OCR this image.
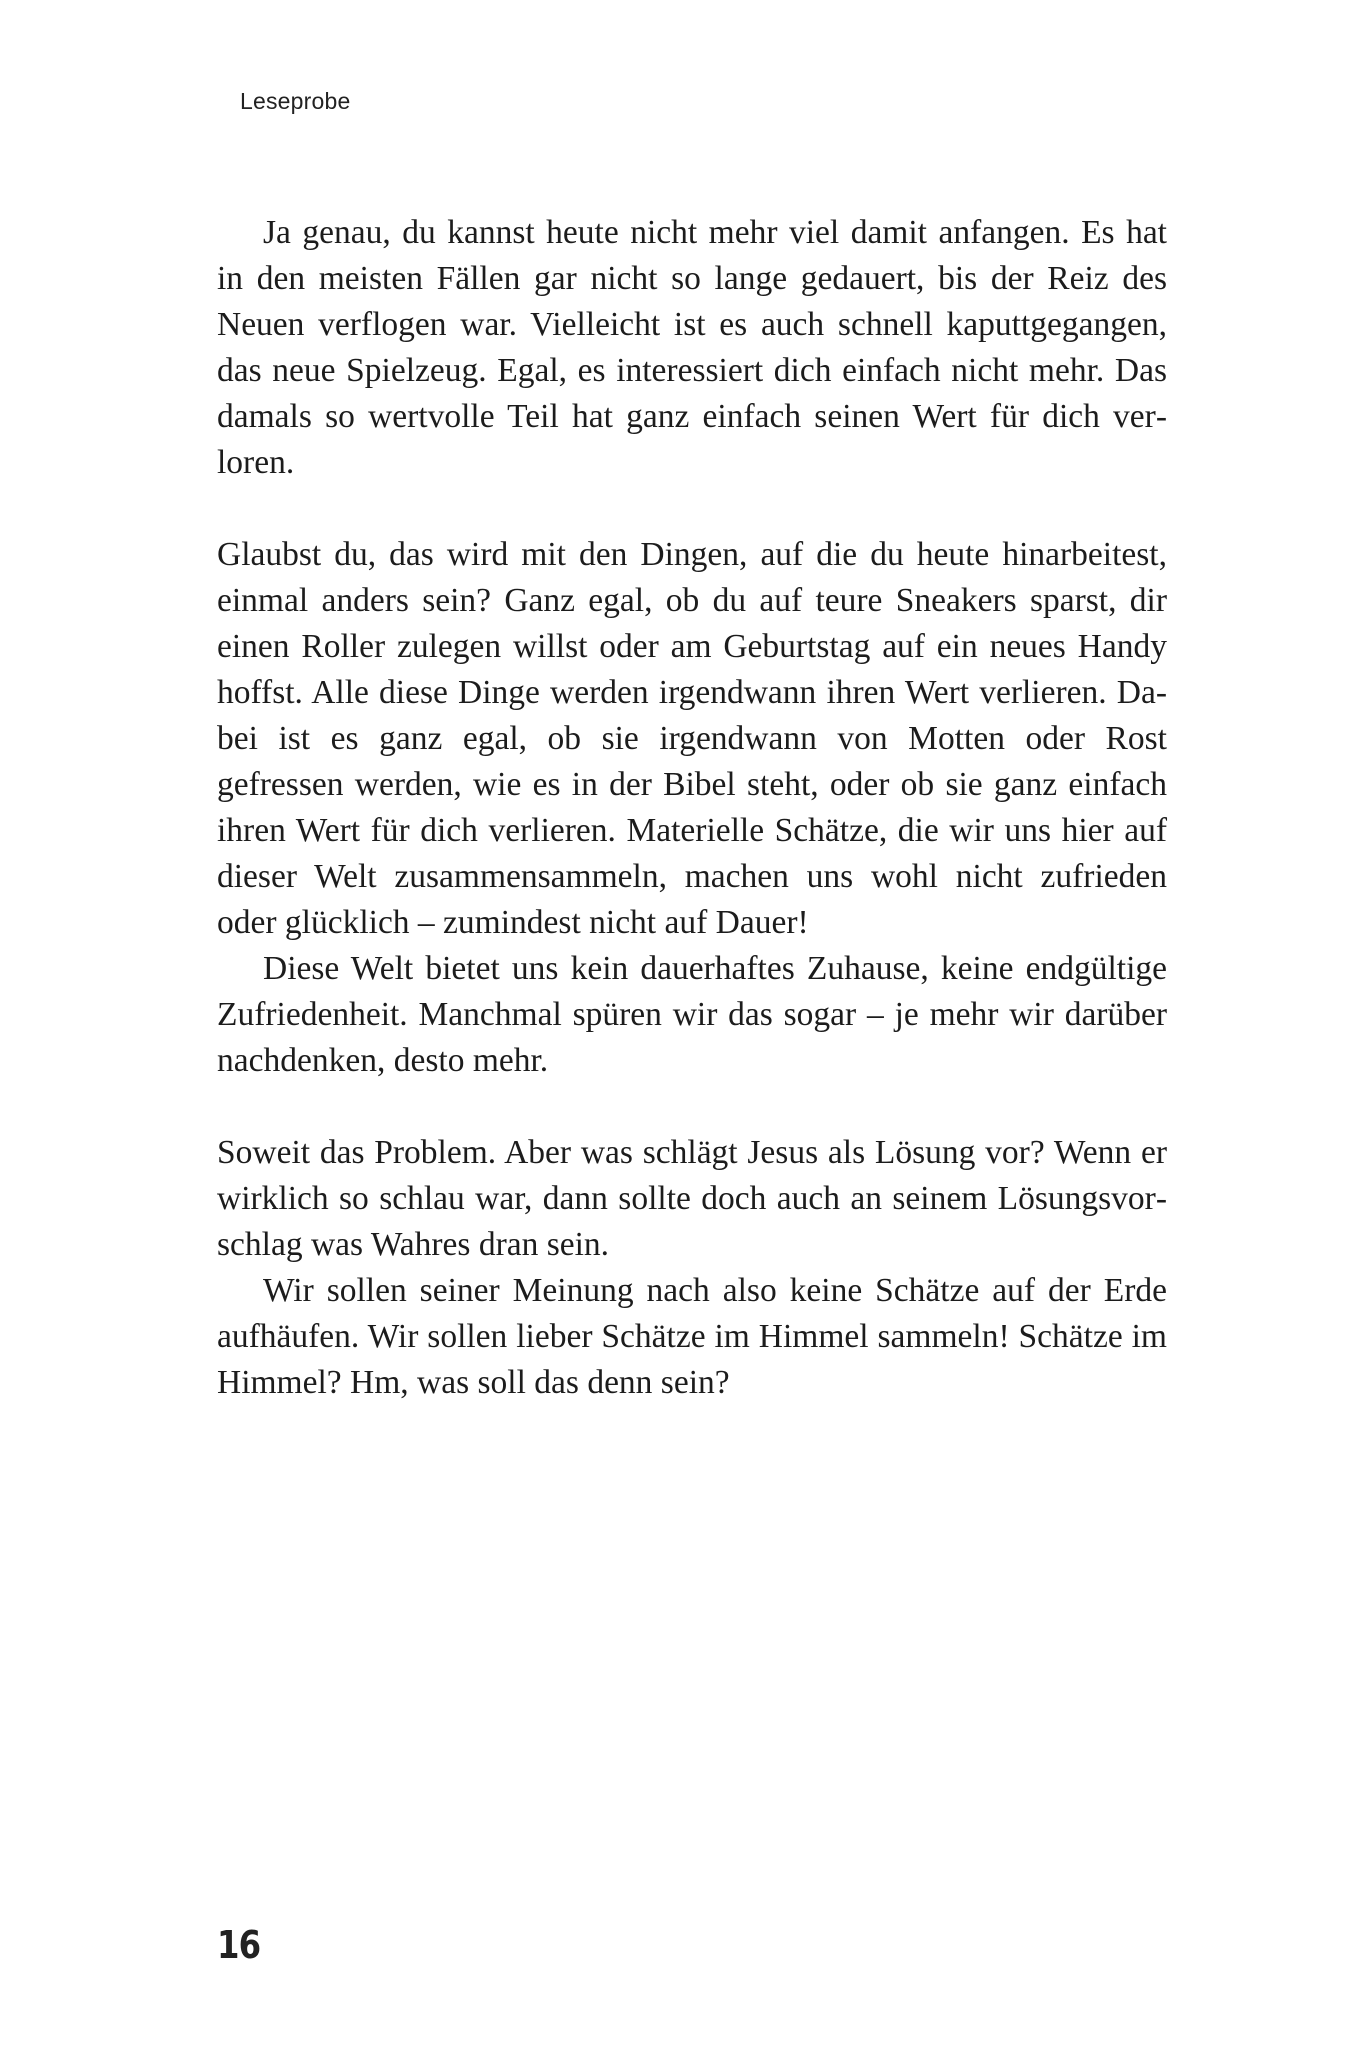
Leseprobe

Ja genau, du kannst heute nicht mehr viel damit anfangen. Es hat in den meisten Fällen gar nicht so lange gedauert, bis der Reiz des Neuen verflogen war. Vielleicht ist es auch schnell kaputtgegangen, das neue Spielzeug. Egal, es interessiert dich einfach nicht mehr. Das damals so wertvolle Teil hat ganz einfach seinen Wert für dich verloren.

Glaubst du, das wird mit den Dingen, auf die du heute hinarbeitest, einmal anders sein? Ganz egal, ob du auf teure Sneakers sparst, dir einen Roller zulegen willst oder am Geburtstag auf ein neues Handy hoffst. Alle diese Dinge werden irgendwann ihren Wert verlieren. Dabei ist es ganz egal, ob sie irgendwann von Motten oder Rost gefressen werden, wie es in der Bibel steht, oder ob sie ganz einfach ihren Wert für dich verlieren. Materielle Schätze, die wir uns hier auf dieser Welt zusammensammeln, machen uns wohl nicht zufrieden oder glücklich – zumindest nicht auf Dauer!

Diese Welt bietet uns kein dauerhaftes Zuhause, keine endgültige Zufriedenheit. Manchmal spüren wir das sogar – je mehr wir darüber nachdenken, desto mehr.

Soweit das Problem. Aber was schlägt Jesus als Lösung vor? Wenn er wirklich so schlau war, dann sollte doch auch an seinem Lösungsvorschlag was Wahres dran sein.

Wir sollen seiner Meinung nach also keine Schätze auf der Erde aufhäufen. Wir sollen lieber Schätze im Himmel sammeln! Schätze im Himmel? Hm, was soll das denn sein?

16
